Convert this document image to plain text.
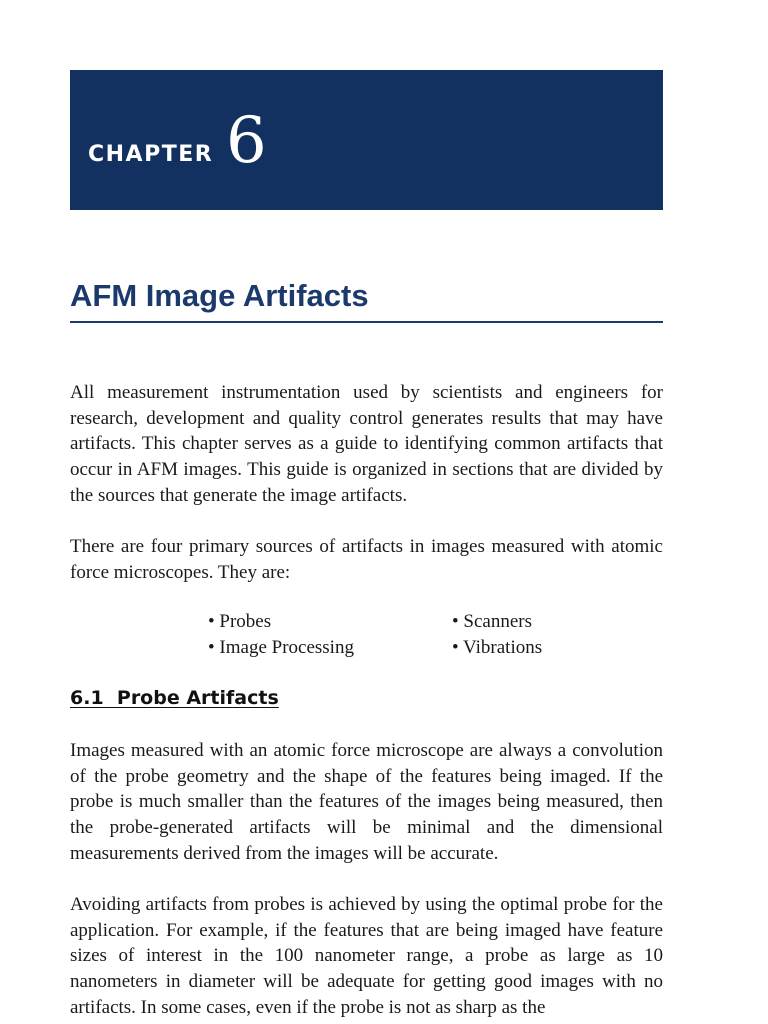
CHAPTER 6
AFM Image Artifacts

All measurement instrumentation used by scientists and engineers for research, development and quality control generates results that may have artifacts. This chapter serves as a guide to identifying common artifacts that occur in AFM images. This guide is organized in sections that are divided by the sources that generate the image artifacts.

There are four primary sources of artifacts in images measured with atomic force microscopes. They are:

• Probes	• Scanners
• Image Processing	• Vibrations
6.1  Probe Artifacts

Images measured with an atomic force microscope are always a convolution of the probe geometry and the shape of the features being imaged. If the probe is much smaller than the features of the images being measured, then the probe-generated artifacts will be minimal and the dimensional measurements derived from the images will be accurate.

Avoiding artifacts from probes is achieved by using the optimal probe for the application. For example, if the features that are being imaged have feature sizes of interest in the 100 nanometer range, a probe as large as 10 nanometers in diameter will be adequate for getting good images with no artifacts. In some cases, even if the probe is not as sharp as the
